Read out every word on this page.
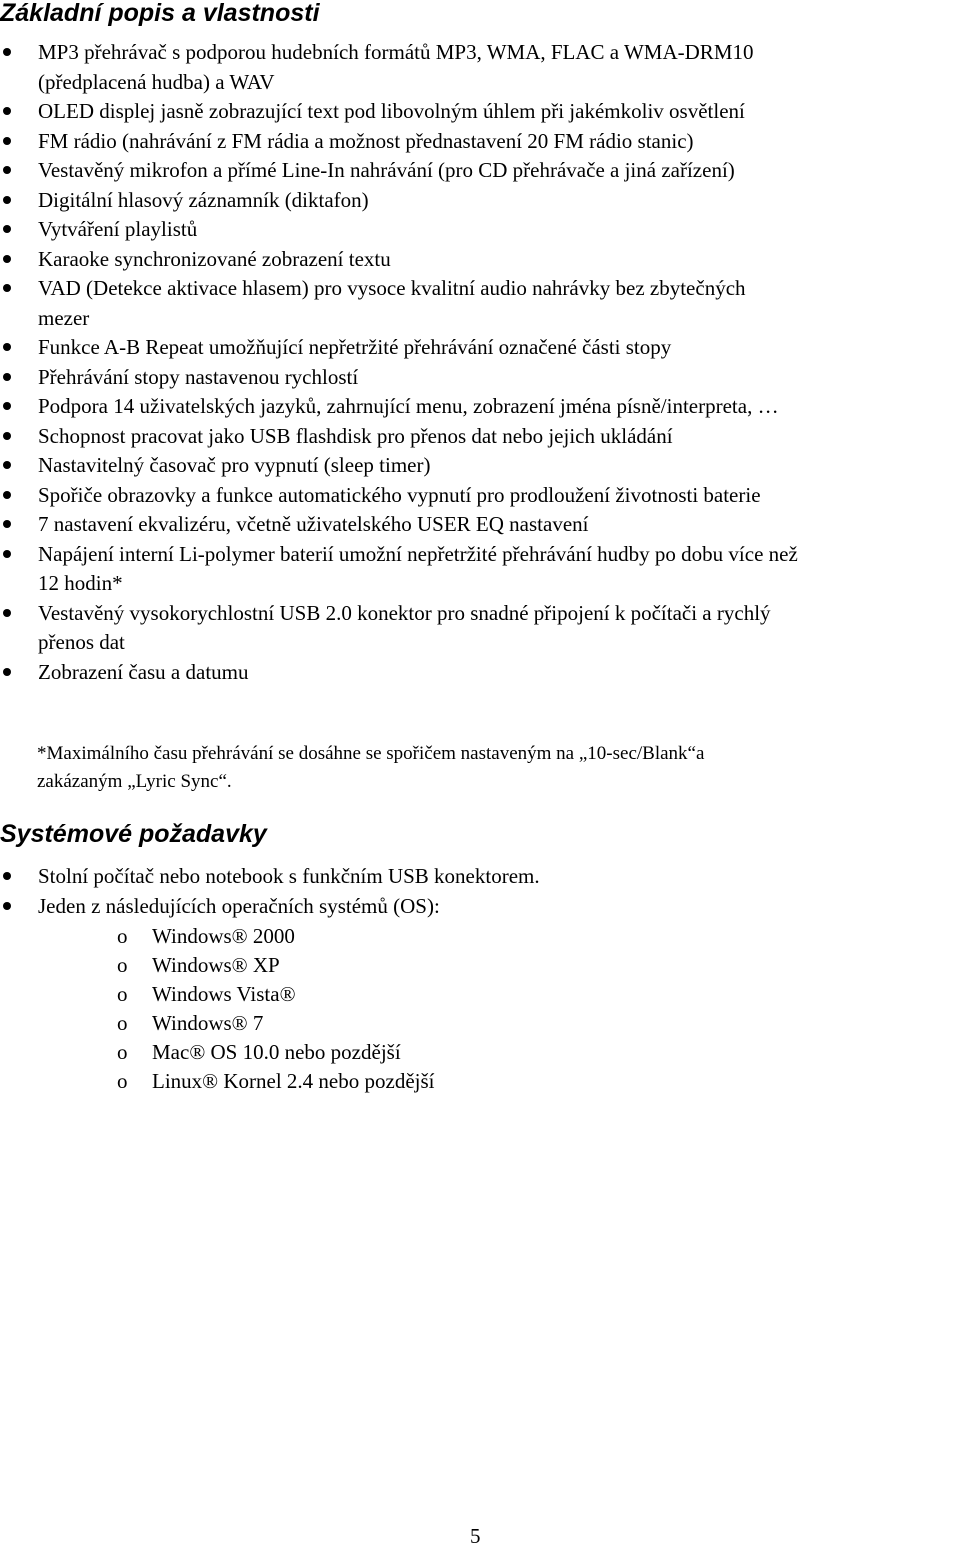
Základní popis a vlastnosti
MP3 přehrávač s podporou hudebních formátů MP3, WMA, FLAC a WMA-DRM10
(předplacená hudba) a WAV
OLED displej jasně zobrazující text pod libovolným úhlem při jakémkoliv osvětlení
FM rádio (nahrávání z FM rádia a možnost přednastavení 20 FM rádio stanic)
Vestavěný mikrofon a přímé Line-In nahrávání (pro CD přehrávače a jiná zařízení)
Digitální hlasový záznamník (diktafon)
Vytváření playlistů
Karaoke synchronizované zobrazení textu
VAD (Detekce aktivace hlasem) pro vysoce kvalitní audio nahrávky bez zbytečných
mezer
Funkce A-B Repeat umožňující nepřetržité přehrávání označené části stopy
Přehrávání stopy nastavenou rychlostí
Podpora 14 uživatelských jazyků, zahrnující menu, zobrazení jména písně/interpreta, …
Schopnost pracovat jako USB flashdisk pro přenos dat nebo jejich ukládání
Nastavitelný časovač pro vypnutí (sleep timer)
Spořiče obrazovky a funkce automatického vypnutí pro prodloužení životnosti baterie
7 nastavení ekvalizéru, včetně uživatelského USER EQ nastavení
Napájení interní Li-polymer baterií umožní nepřetržité přehrávání hudby po dobu více než
12 hodin*
Vestavěný vysokorychlostní USB 2.0 konektor pro snadné připojení k počítači a rychlý
přenos dat
Zobrazení času a datumu

*Maximálního času přehrávání se dosáhne se spořičem nastaveným na „10-sec/Blank“a
zakázaným „Lyric Sync“.

Systémové požadavky
Stolní počítač nebo notebook s funkčním USB konektorem.
Jeden z následujících operačních systémů (OS):
o Windows® 2000
o Windows® XP
o Windows Vista®
o Windows® 7
o Mac® OS 10.0 nebo pozdější
o Linux® Kornel 2.4 nebo pozdější
5
